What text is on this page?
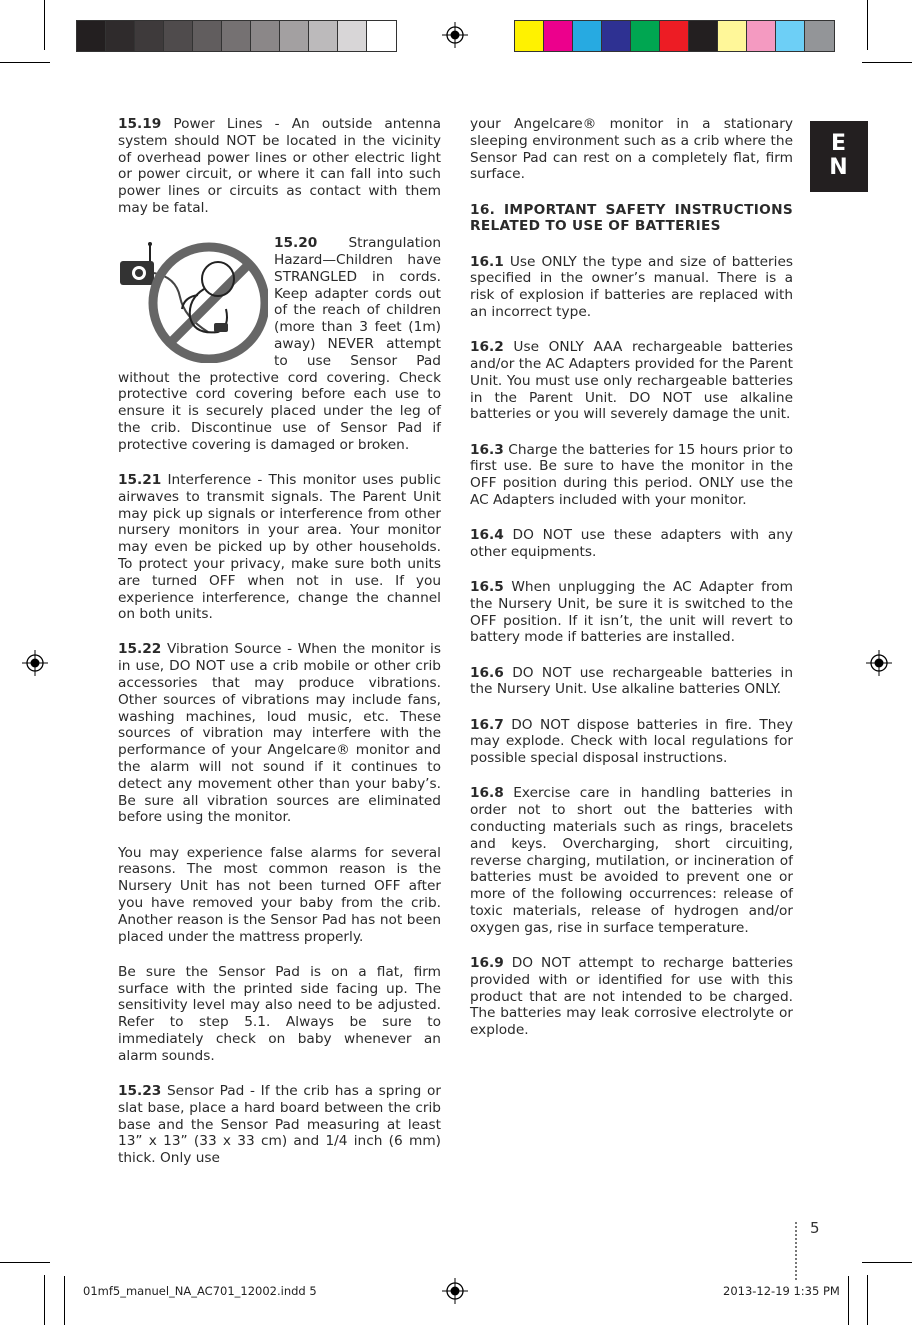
EN

15.19 Power Lines - An outside antenna system should NOT be located in the vicinity of overhead power lines or other electric light or power circuit, or where it can fall into such power lines or circuits as contact with them may be fatal.

15.20
Strangulation Hazard—Children have STRANGLED in cords. Keep adapter cords out of the reach of children (more than 3 feet (1m) away) NEVER attempt to use Sensor Pad without the protective cord covering. Check protective cord covering before each use to ensure it is securely placed under the leg of the crib. Discontinue use of Sensor Pad if protective covering is damaged or broken.

15.21 Interference - This monitor uses public airwaves to transmit signals. The Parent Unit may pick up signals or interference from other nursery monitors in your area. Your monitor may even be picked up by other households. To protect your privacy, make sure both units are turned OFF when not in use. If you experience interference, change the channel on both units.

15.22 Vibration Source - When the monitor is in use, DO NOT use a crib mobile or other crib accessories that may produce vibrations. Other sources of vibrations may include fans, washing machines, loud music, etc. These sources of vibration may interfere with the performance of your Angelcare® monitor and the alarm will not sound if it continues to detect any movement other than your baby’s. Be sure all vibration sources are eliminated before using the monitor.

You may experience false alarms for several reasons. The most common reason is the Nursery Unit has not been turned OFF after you have removed your baby from the crib. Another reason is the Sensor Pad has not been placed under the mattress properly.

Be sure the Sensor Pad is on a flat, firm surface with the printed side facing up. The sensitivity level may also need to be adjusted. Refer to step 5.1. Always be sure to immediately check on baby whenever an alarm sounds.

15.23 Sensor Pad - If the crib has a spring or slat base, place a hard board between the crib base and the Sensor Pad measuring at least 13” x 13” (33 x 33 cm) and 1/4 inch (6 mm) thick. Only use

your Angelcare® monitor in a stationary sleeping environment such as a crib where the Sensor Pad can rest on a completely flat, firm surface.

16. IMPORTANT SAFETY INSTRUCTIONS RELATED TO USE OF BATTERIES

16.1 Use ONLY the type and size of batteries specified in the owner’s manual. There is a risk of explosion if batteries are replaced with an incorrect type.

16.2 Use ONLY AAA rechargeable batteries and/or the AC Adapters provided for the Parent Unit. You must use only rechargeable batteries in the Parent Unit. DO NOT use alkaline batteries or you will severely damage the unit.

16.3 Charge the batteries for 15 hours prior to first use. Be sure to have the monitor in the OFF position during this period. ONLY use the AC Adapters included with your monitor.

16.4 DO NOT use these adapters with any other equipments.

16.5 When unplugging the AC Adapter from the Nursery Unit, be sure it is switched to the OFF position. If it isn’t, the unit will revert to battery mode if batteries are installed.

16.6 DO NOT use rechargeable batteries in the Nursery Unit. Use alkaline batteries ONLY.

16.7 DO NOT dispose batteries in fire. They may explode. Check with local regulations for possible special disposal instructions.

16.8 Exercise care in handling batteries in order not to short out the batteries with conducting materials such as rings, bracelets and keys. Overcharging, short circuiting, reverse charging, mutilation, or incineration of batteries must be avoided to prevent one or more of the following occurrences: release of toxic materials, release of hydrogen and/or oxygen gas, rise in surface temperature.

16.9 DO NOT attempt to recharge batteries provided with or identified for use with this product that are not intended to be charged. The batteries may leak corrosive electrolyte or explode.

5
01mf5_manuel_NA_AC701_12002.indd 5	2013-12-19 1:35 PM
